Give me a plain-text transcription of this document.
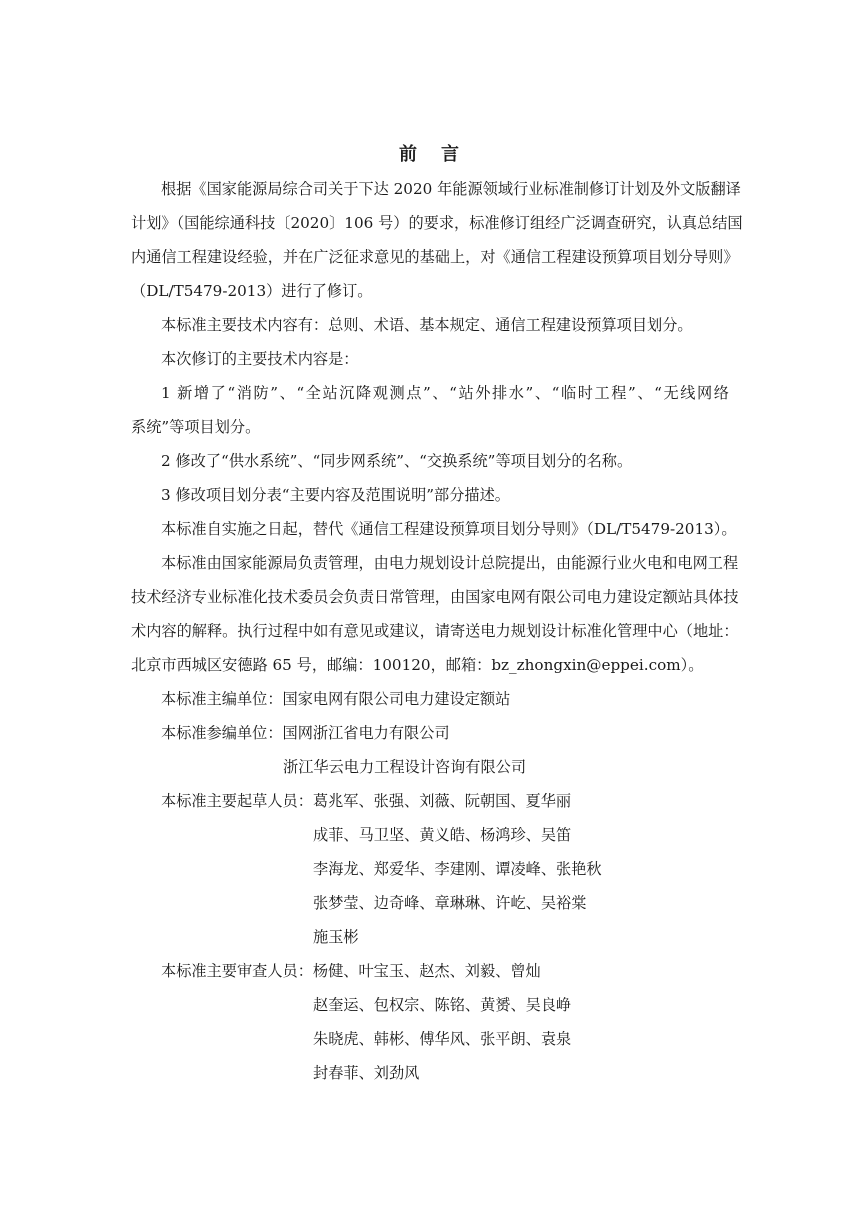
前 言
根据《国家能源局综合司关于下达 2020 年能源领域行业标准制修订计划及外文版翻译
计划》（国能综通科技〔2020〕106 号）的要求，标准修订组经广泛调查研究，认真总结国
内通信工程建设经验，并在广泛征求意见的基础上，对《通信工程建设预算项目划分导则》
（DL/T5479-2013）进行了修订。
本标准主要技术内容有：总则、术语、基本规定、通信工程建设预算项目划分。
本次修订的主要技术内容是：
1 新增了“消防”、“全站沉降观测点”、“站外排水”、“临时工程”、“无线网络
系统”等项目划分。
2 修改了“供水系统”、“同步网系统”、“交换系统”等项目划分的名称。
3 修改项目划分表“主要内容及范围说明”部分描述。
本标准自实施之日起，替代《通信工程建设预算项目划分导则》（DL/T5479-2013）。
本标准由国家能源局负责管理，由电力规划设计总院提出，由能源行业火电和电网工程
技术经济专业标准化技术委员会负责日常管理，由国家电网有限公司电力建设定额站具体技
术内容的解释。执行过程中如有意见或建议，请寄送电力规划设计标准化管理中心（地址：
北京市西城区安德路 65 号，邮编：100120，邮箱：bz_zhongxin@eppei.com）。
本标准主编单位：国家电网有限公司电力建设定额站
本标准参编单位：国网浙江省电力有限公司
浙江华云电力工程设计咨询有限公司
本标准主要起草人员：葛兆军、张强、刘薇、阮朝国、夏华丽
成菲、马卫坚、黄义皓、杨鸿珍、吴笛
李海龙、郑爱华、李建刚、谭凌峰、张艳秋
张梦莹、边奇峰、章琳琳、许屹、吴裕棠
施玉彬
本标准主要审查人员：杨健、叶宝玉、赵杰、刘毅、曾灿
赵奎运、包权宗、陈铭、黄赟、吴良峥
朱晓虎、韩彬、傅华风、张平朗、袁泉
封春菲、刘劲风
